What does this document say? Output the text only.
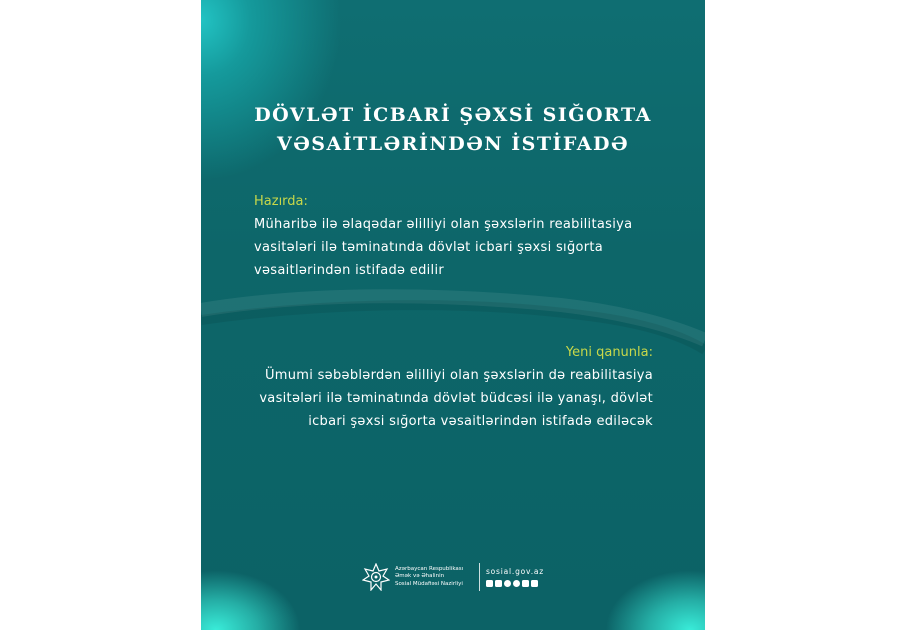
DÖVLƏT İCBARİ ŞƏXSİ SIĞORTA
VƏSAİTLƏRİNDƏN İSTİFADƏ
Hazırda:
Müharibə ilə əlaqədar əlilliyi olan şəxslərin reabilitasiya
vasitələri ilə təminatında dövlət icbari şəxsi sığorta
vəsaitlərindən istifadə edilir
Yeni qanunla:
Ümumi səbəblərdən əlilliyi olan şəxslərin də reabilitasiya
vasitələri ilə təminatında dövlət büdcəsi ilə yanaşı, dövlət
icbari şəxsi sığorta vəsaitlərindən istifadə ediləcək
Azərbaycan Respublikası
Əmək və Əhalinin
Sosial Müdafiəsi Nazirliyi
sosial.gov.az
